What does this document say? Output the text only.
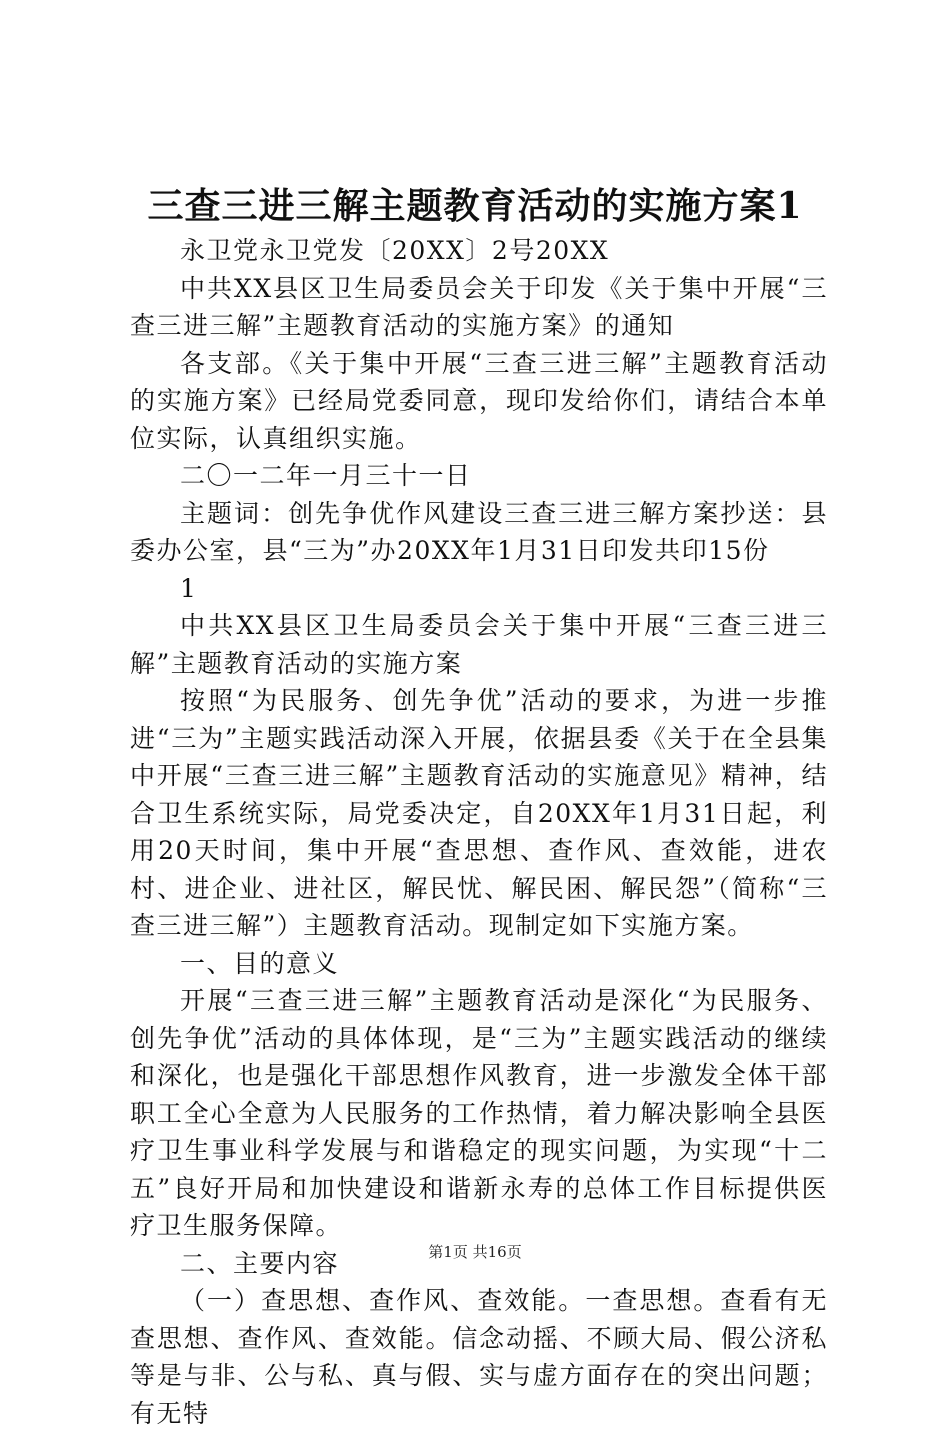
三查三进三解主题教育活动的实施方案1

永卫党永卫党发〔20XX〕2号20XX

中共XX县区卫生局委员会关于印发《关于集中开展“三查三进三解”主题教育活动的实施方案》的通知

各支部。《关于集中开展“三查三进三解”主题教育活动的实施方案》已经局党委同意，现印发给你们，请结合本单位实际，认真组织实施。

二〇一二年一月三十一日

主题词：创先争优作风建设三查三进三解方案抄送：县委办公室，县“三为”办20XX年1月31日印发共印15份

1

中共XX县区卫生局委员会关于集中开展“三查三进三解”主题教育活动的实施方案

按照“为民服务、创先争优”活动的要求，为进一步推进“三为”主题实践活动深入开展，依据县委《关于在全县集中开展“三查三进三解”主题教育活动的实施意见》精神，结合卫生系统实际，局党委决定，自20XX年1月31日起，利用20天时间，集中开展“查思想、查作风、查效能，进农村、进企业、进社区，解民忧、解民困、解民怨”（简称“三查三进三解”）主题教育活动。现制定如下实施方案。

一、目的意义

开展“三查三进三解”主题教育活动是深化“为民服务、创先争优”活动的具体体现，是“三为”主题实践活动的继续和深化，也是强化干部思想作风教育，进一步激发全体干部职工全心全意为人民服务的工作热情，着力解决影响全县医疗卫生事业科学发展与和谐稳定的现实问题，为实现“十二五”良好开局和加快建设和谐新永寿的总体工作目标提供医疗卫生服务保障。

二、主要内容

（一）查思想、查作风、查效能。一查思想。查看有无查思想、查作风、查效能。信念动摇、不顾大局、假公济私等是与非、公与私、真与假、实与虚方面存在的突出问题；有无特

第1页 共16页
